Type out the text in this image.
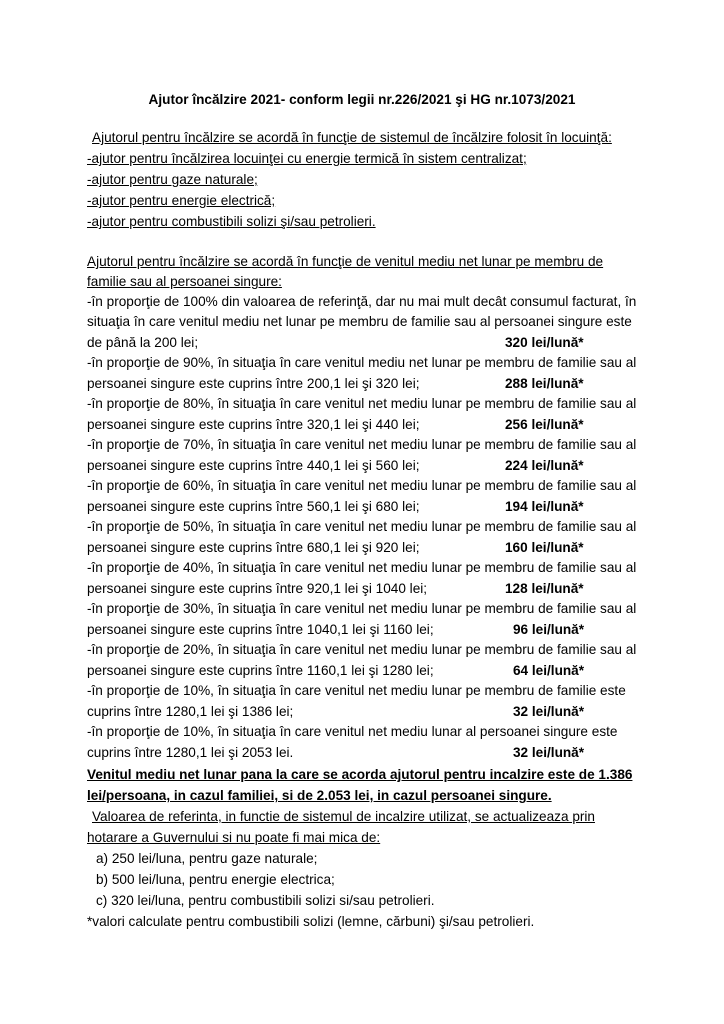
Ajutor încălzire 2021- conform legii nr.226/2021 şi HG nr.1073/2021
Ajutorul pentru încălzire se acordă în funcţie de sistemul de încălzire folosit în locuinţă:
-ajutor pentru încălzirea locuinţei cu energie termică în sistem centralizat;
-ajutor pentru gaze naturale;
-ajutor pentru energie electrică;
-ajutor pentru combustibili solizi şi/sau petrolieri.
Ajutorul pentru încălzire se acordă în funcţie de venitul mediu net lunar pe membru de
familie sau al persoanei singure:
-în proporţie de 100% din valoarea de referinţă, dar nu mai mult decât consumul facturat, în
situaţia în care venitul mediu net lunar pe membru de familie sau al persoanei singure este
de până la 200 lei;	320 lei/lună*
-în proporţie de 90%, în situaţia în care venitul mediu net lunar pe membru de familie sau al
persoanei singure este cuprins între 200,1 lei şi 320 lei;	288 lei/lună*
-în proporţie de 80%, în situaţia în care venitul net mediu lunar pe membru de familie sau al
persoanei singure este cuprins între 320,1 lei şi 440 lei;	256 lei/lună*
-în proporţie de 70%, în situaţia în care venitul net mediu lunar pe membru de familie sau al
persoanei singure este cuprins între 440,1 lei şi 560 lei;	224 lei/lună*
-în proporţie de 60%, în situaţia în care venitul net mediu lunar pe membru de familie sau al
persoanei singure este cuprins între 560,1 lei şi 680 lei;	194 lei/lună*
-în proporţie de 50%, în situaţia în care venitul net mediu lunar pe membru de familie sau al
persoanei singure este cuprins între 680,1 lei şi 920 lei;	160 lei/lună*
-în proporţie de 40%, în situaţia în care venitul net mediu lunar pe membru de familie sau al
persoanei singure este cuprins între 920,1 lei şi 1040 lei;	128 lei/lună*
-în proporţie de 30%, în situaţia în care venitul net mediu lunar pe membru de familie sau al
persoanei singure este cuprins între 1040,1 lei şi 1160 lei;	96 lei/lună*
-în proporţie de 20%, în situaţia în care venitul net mediu lunar pe membru de familie sau al
persoanei singure este cuprins între 1160,1 lei şi 1280 lei;	64 lei/lună*
-în proporţie de 10%, în situaţia în care venitul net mediu lunar pe membru de familie este
cuprins între 1280,1 lei şi 1386 lei;	32 lei/lună*
-în proporţie de 10%, în situaţia în care venitul net mediu lunar al persoanei singure este
cuprins între 1280,1 lei şi 2053 lei.	32 lei/lună*
Venitul mediu net lunar pana la care se acorda ajutorul pentru incalzire este de 1.386
lei/persoana, in cazul familiei, si de 2.053 lei, in cazul persoanei singure.
Valoarea de referinta, in functie de sistemul de incalzire utilizat, se actualizeaza prin
hotarare a Guvernului si nu poate fi mai mica de:
a) 250 lei/luna, pentru gaze naturale;
b) 500 lei/luna, pentru energie electrica;
c) 320 lei/luna, pentru combustibili solizi si/sau petrolieri.
*valori calculate pentru combustibili solizi (lemne, cărbuni) şi/sau petrolieri.
